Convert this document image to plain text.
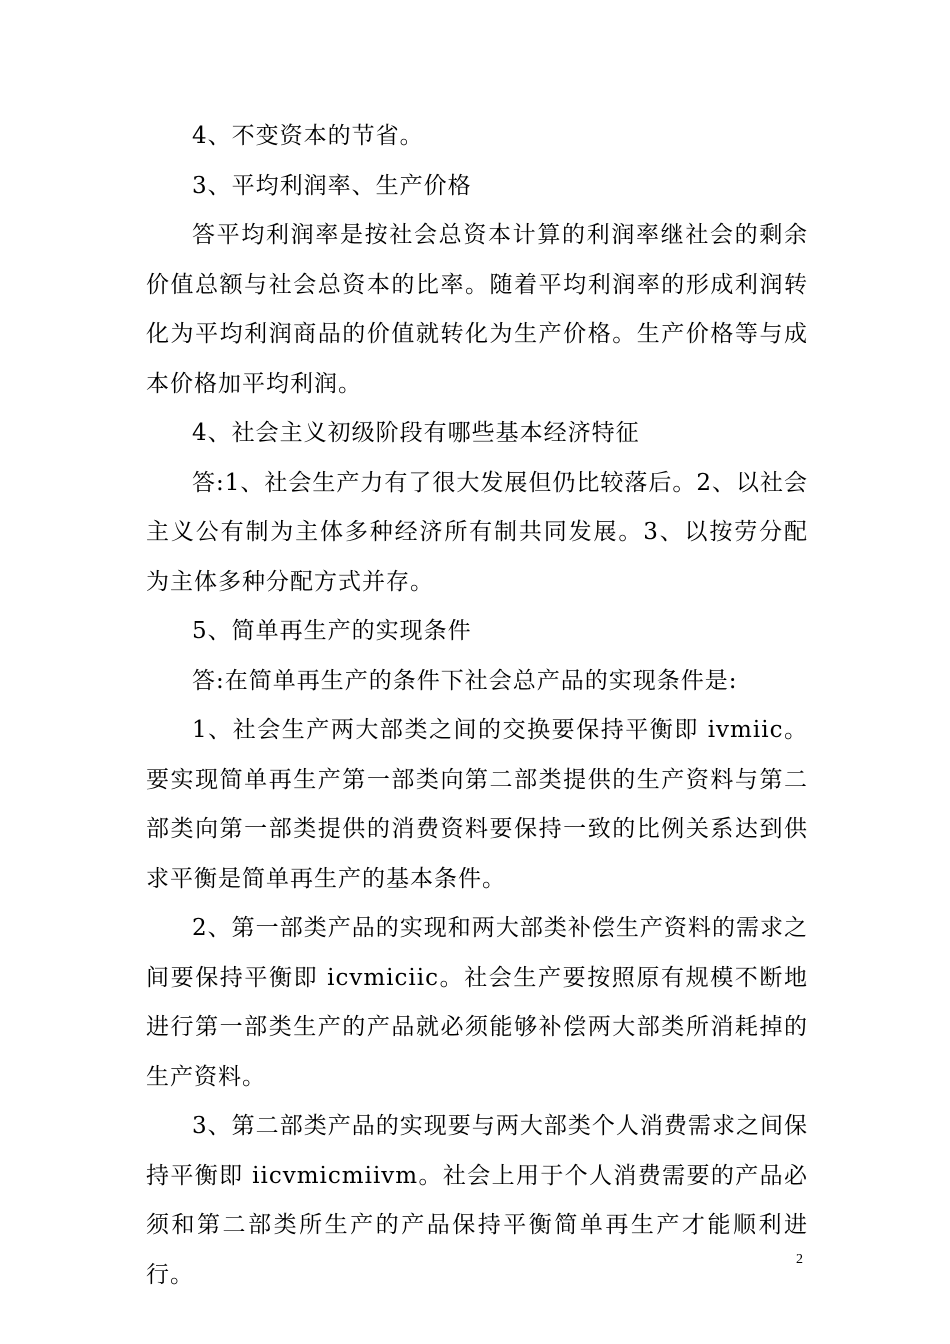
4、不变资本的节省。

3、平均利润率、生产价格

答平均利润率是按社会总资本计算的利润率继社会的剩余价值总额与社会总资本的比率。随着平均利润率的形成利润转化为平均利润商品的价值就转化为生产价格。生产价格等与成本价格加平均利润。

4、社会主义初级阶段有哪些基本经济特征

答:1、社会生产力有了很大发展但仍比较落后。2、以社会主义公有制为主体多种经济所有制共同发展。3、以按劳分配为主体多种分配方式并存。

5、简单再生产的实现条件

答:在简单再生产的条件下社会总产品的实现条件是:

1、社会生产两大部类之间的交换要保持平衡即 ivmiic。要实现简单再生产第一部类向第二部类提供的生产资料与第二部类向第一部类提供的消费资料要保持一致的比例关系达到供求平衡是简单再生产的基本条件。

2、第一部类产品的实现和两大部类补偿生产资料的需求之间要保持平衡即 icvmiciic。社会生产要按照原有规模不断地进行第一部类生产的产品就必须能够补偿两大部类所消耗掉的生产资料。

3、第二部类产品的实现要与两大部类个人消费需求之间保持平衡即 iicvmicmiivm。社会上用于个人消费需要的产品必须和第二部类所生产的产品保持平衡简单再生产才能顺利进行。

2
